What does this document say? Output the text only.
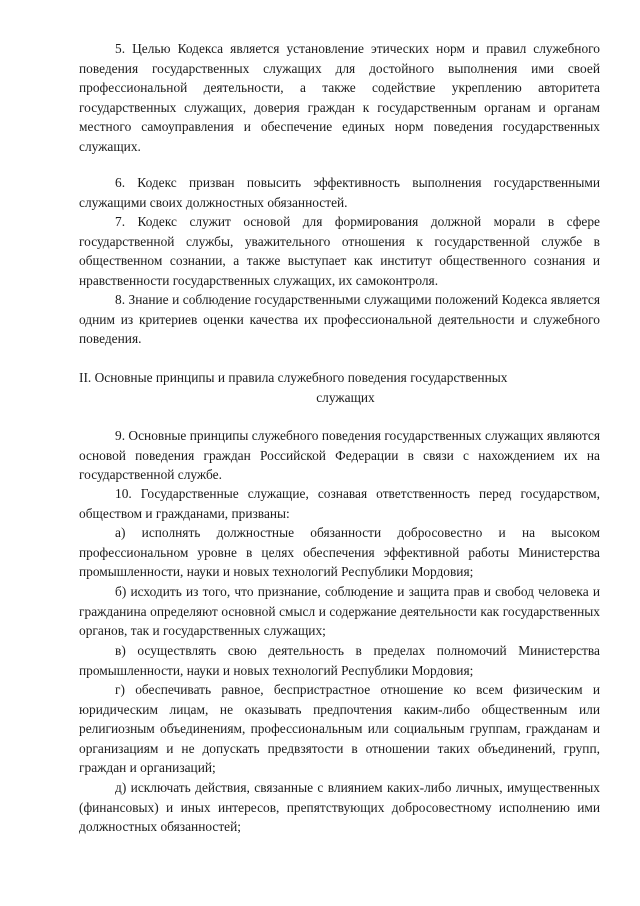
5. Целью Кодекса является установление этических норм и правил служебного поведения государственных служащих для достойного выполнения ими своей профессиональной деятельности, а также содействие укреплению авторитета государственных служащих, доверия граждан к государственным органам и органам местного самоуправления и обеспечение единых норм поведения государственных служащих.

6. Кодекс призван повысить эффективность выполнения государственными служащими своих должностных обязанностей.

7. Кодекс служит основой для формирования должной морали в сфере государственной службы, уважительного отношения к государственной службе в общественном сознании, а также выступает как институт общественного сознания и нравственности государственных служащих, их самоконтроля.

8. Знание и соблюдение государственными служащими положений Кодекса является одним из критериев оценки качества их профессиональной деятельности и служебного поведения.

II. Основные принципы и правила служебного поведения государственных
служащих

9. Основные принципы служебного поведения государственных служащих являются основой поведения граждан Российской Федерации в связи с нахождением их на государственной службе.

10. Государственные служащие, сознавая ответственность перед государством, обществом и гражданами, призваны:

а) исполнять должностные обязанности добросовестно и на высоком профессиональном уровне в целях обеспечения эффективной работы Министерства промышленности, науки и новых технологий Республики Мордовия;

б) исходить из того, что признание, соблюдение и защита прав и свобод человека и гражданина определяют основной смысл и содержание деятельности как государственных органов, так и государственных служащих;

в) осуществлять свою деятельность в пределах полномочий Министерства промышленности, науки и новых технологий Республики Мордовия;

г) обеспечивать равное, беспристрастное отношение ко всем физическим и юридическим лицам, не оказывать предпочтения каким-либо общественным или религиозным объединениям, профессиональным или социальным группам, гражданам и организациям и не допускать предвзятости в отношении таких объединений, групп, граждан и организаций;

д) исключать действия, связанные с влиянием каких-либо личных, имущественных (финансовых) и иных интересов, препятствующих добросовестному исполнению ими должностных обязанностей;
